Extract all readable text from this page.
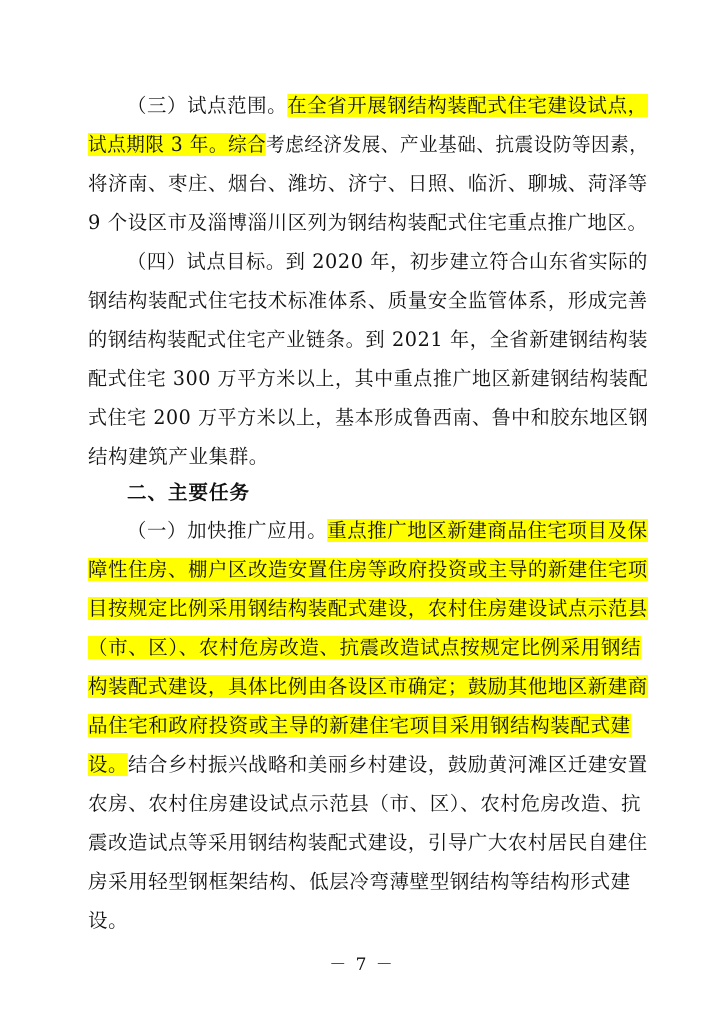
（三）试点范围。在全省开展钢结构装配式住宅建设试点，
试点期限 3 年。综合考虑经济发展、产业基础、抗震设防等因素，
将济南、枣庄、烟台、潍坊、济宁、日照、临沂、聊城、菏泽等
9 个设区市及淄博淄川区列为钢结构装配式住宅重点推广地区。
（四）试点目标。到 2020 年，初步建立符合山东省实际的
钢结构装配式住宅技术标准体系、质量安全监管体系，形成完善
的钢结构装配式住宅产业链条。到 2021 年，全省新建钢结构装
配式住宅 300 万平方米以上，其中重点推广地区新建钢结构装配
式住宅 200 万平方米以上，基本形成鲁西南、鲁中和胶东地区钢
结构建筑产业集群。
二、主要任务
（一）加快推广应用。重点推广地区新建商品住宅项目及保
障性住房、棚户区改造安置住房等政府投资或主导的新建住宅项
目按规定比例采用钢结构装配式建设，农村住房建设试点示范县
（市、区）、农村危房改造、抗震改造试点按规定比例采用钢结
构装配式建设，具体比例由各设区市确定；鼓励其他地区新建商
品住宅和政府投资或主导的新建住宅项目采用钢结构装配式建
设。结合乡村振兴战略和美丽乡村建设，鼓励黄河滩区迁建安置
农房、农村住房建设试点示范县（市、区）、农村危房改造、抗
震改造试点等采用钢结构装配式建设，引导广大农村居民自建住
房采用轻型钢框架结构、低层冷弯薄壁型钢结构等结构形式建
设。
－ 7 －
